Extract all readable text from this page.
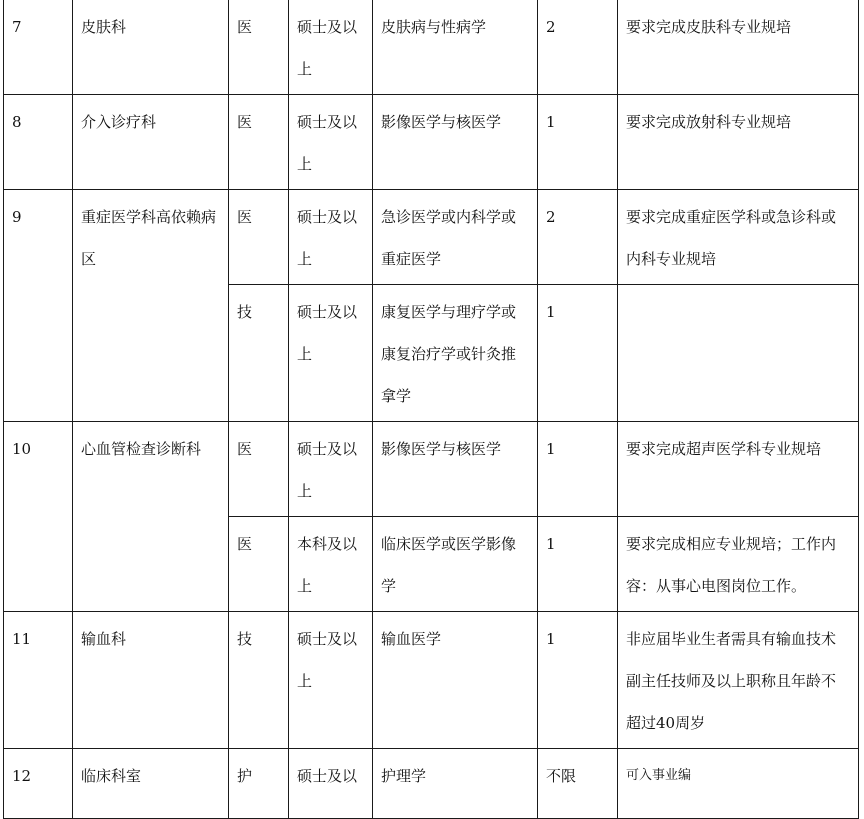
7	皮肤科	医	硕士及以上	皮肤病与性病学	2	要求完成皮肤科专业规培
8	介入诊疗科	医	硕士及以上	影像医学与核医学	1	要求完成放射科专业规培
9	重症医学科高依赖病区	医	硕士及以上	急诊医学或内科学或重症医学	2	要求完成重症医学科或急诊科或内科专业规培
		技	硕士及以上	康复医学与理疗学或康复治疗学或针灸推拿学	1	
10	心血管检查诊断科	医	硕士及以上	影像医学与核医学	1	要求完成超声医学科专业规培
		医	本科及以上	临床医学或医学影像学	1	要求完成相应专业规培；工作内容：从事心电图岗位工作。
11	输血科	技	硕士及以上	输血医学	1	非应届毕业生者需具有输血技术副主任技师及以上职称且年龄不超过40周岁
12	临床科室	护	硕士及以	护理学	不限	可入事业编
